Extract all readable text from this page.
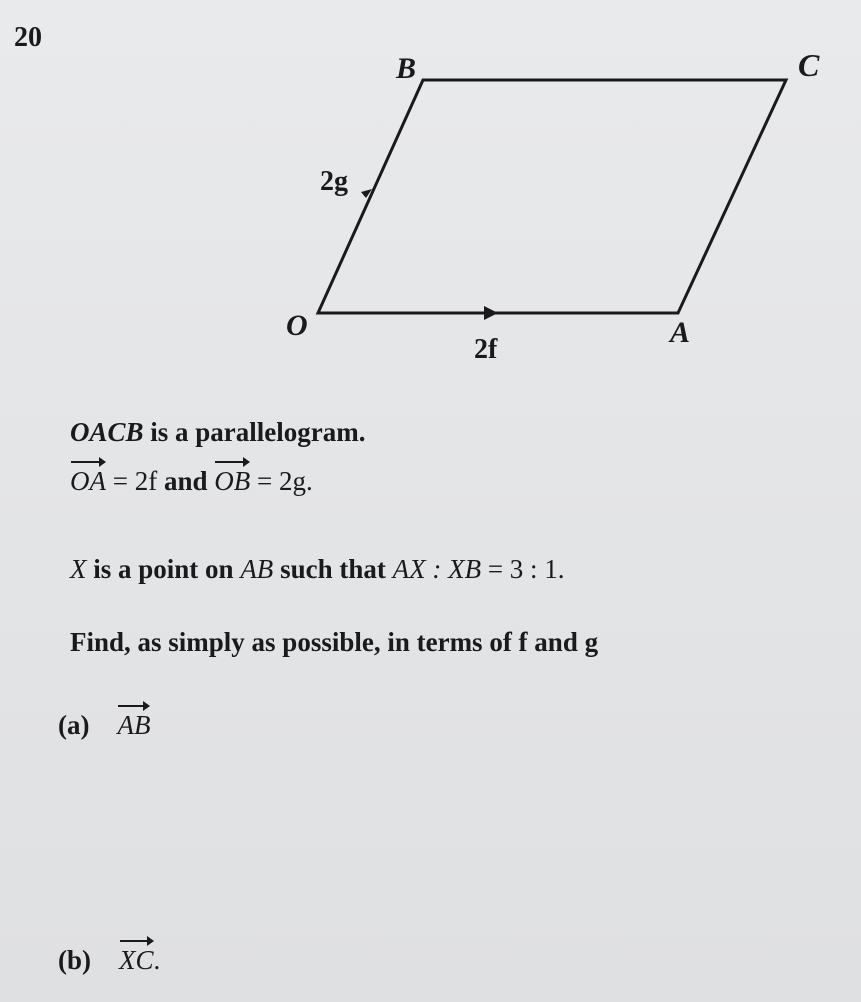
20
O	A
B	C
2f
2g
OACB is a parallelogram.
OA = 2f and OB = 2g.
X is a point on AB such that AX : XB = 3 : 1.
Find, as simply as possible, in terms of f and g
(a) AB
(b) XC.
